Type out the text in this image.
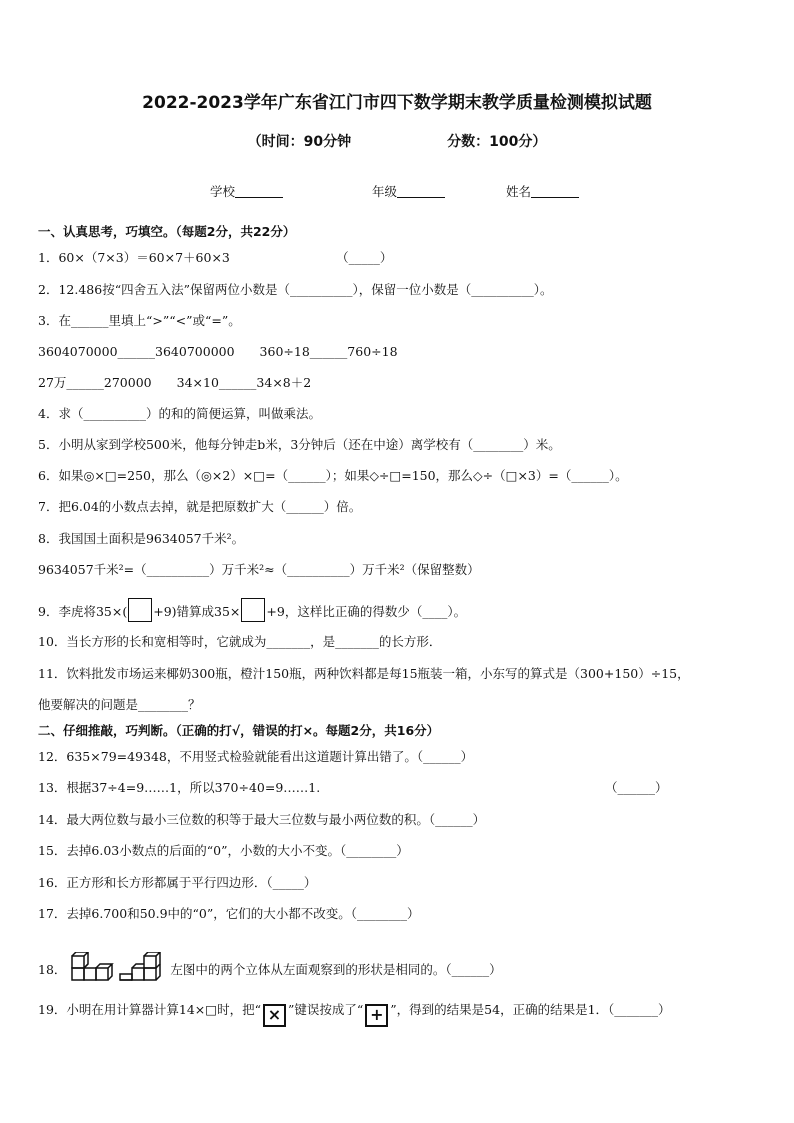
2022-2023学年广东省江门市四下数学期末教学质量检测模拟试题
（时间：90分钟	分数：100分）
学校	年级	姓名
一、认真思考，巧填空。（每题2分，共22分）
1．60×（7×3）＝60×7＋60×3　　　　　　　　　（_____）
2．12.486按“四舍五入法”保留两位小数是（__________），保留一位小数是（__________）。
3．在______里填上“>”“<”或“=”。
3604070000______3640700000　　360÷18______760÷18
27万______270000　　34×10______34×8＋2
4．求（__________）的和的简便运算，叫做乘法。
5．小明从家到学校500米，他每分钟走b米，3分钟后（还在中途）离学校有（________）米。
6．如果◎×□=250，那么（◎×2）×□=（______）；如果◇÷□=150，那么◇÷（□×3）=（______）。
7．把6.04的小数点去掉，就是把原数扩大（______）倍。
8．我国国土面积是9634057千米²。
9634057千米²=（__________）万千米²≈（__________）万千米²（保留整数）
9．李虎将35×( +9)错算成35× +9，这样比正确的得数少（____）。
10．当长方形的长和宽相等时，它就成为_______，是_______的长方形．
11．饮料批发市场运来椰奶300瓶，橙汁150瓶，两种饮料都是每15瓶装一箱，小东写的算式是（300+150）÷15，
他要解决的问题是________？
二、仔细推敲，巧判断。（正确的打√，错误的打×。每题2分，共16分）
12．635×79=49348，不用竖式检验就能看出这道题计算出错了。（______）
13．根据37÷4=9……1，所以370÷40=9……1.	（______）
14．最大两位数与最小三位数的积等于最大三位数与最小两位数的积。（______）
15．去掉6.03小数点的后面的“0”，小数的大小不变。（________）
16．正方形和长方形都属于平行四边形．（_____）
17．去掉6.700和50.9中的“0”，它们的大小都不改变。（________）
18．	左图中的两个立体从左面观察到的形状是相同的。（______）
19．小明在用计算器计算14×□时，把“ × ”键误按成了“ + ”，得到的结果是54，正确的结果是1．（_______）
